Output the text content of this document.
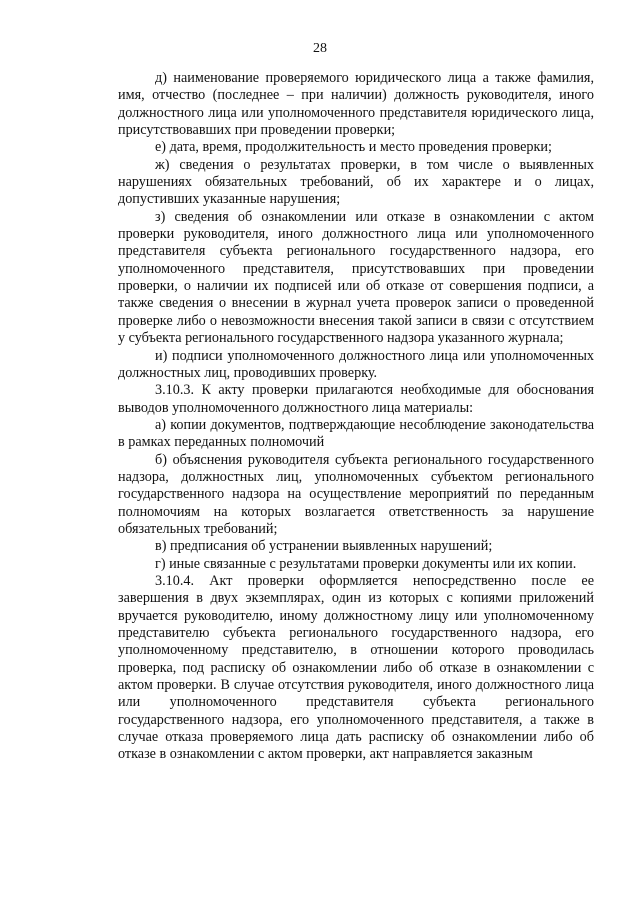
28

д) наименование проверяемого юридического лица а также фамилия, имя, отчество (последнее – при наличии) должность руководителя, иного должностного лица или уполномоченного представителя юридического лица, присутствовавших при проведении проверки;

е) дата, время, продолжительность и место проведения проверки;

ж) сведения о результатах проверки, в том числе о выявленных нарушениях обязательных требований, об их характере и о лицах, допустивших указанные нарушения;

з) сведения об ознакомлении или отказе в ознакомлении с актом проверки руководителя, иного должностного лица или уполномоченного представителя субъекта регионального государственного надзора, его уполномоченного представителя, присутствовавших при проведении проверки, о наличии их подписей или об отказе от совершения подписи, а также сведения о внесении в журнал учета проверок записи о проведенной проверке либо о невозможности внесения такой записи в связи с отсутствием у субъекта регионального государственного надзора указанного журнала;

и) подписи уполномоченного должностного лица или уполномоченных должностных лиц, проводивших проверку.

3.10.3. К акту проверки прилагаются необходимые для обоснования выводов уполномоченного должностного лица материалы:

а) копии документов, подтверждающие несоблюдение законодательства в рамках переданных полномочий

б) объяснения руководителя субъекта регионального государственного надзора, должностных лиц, уполномоченных субъектом регионального государственного надзора на осуществление мероприятий по переданным полномочиям на которых возлагается ответственность за нарушение обязательных требований;

в) предписания об устранении выявленных нарушений;

г) иные связанные с результатами проверки документы или их копии.

3.10.4. Акт проверки оформляется непосредственно после ее завершения в двух экземплярах, один из которых с копиями приложений вручается руководителю, иному должностному лицу или уполномоченному представителю субъекта регионального государственного надзора, его уполномоченному представителю, в отношении которого проводилась проверка, под расписку об ознакомлении либо об отказе в ознакомлении с актом проверки. В случае отсутствия руководителя, иного должностного лица или уполномоченного представителя субъекта регионального государственного надзора, его уполномоченного представителя, а также в случае отказа проверяемого лица дать расписку об ознакомлении либо об отказе в ознакомлении с актом проверки, акт направляется заказным
